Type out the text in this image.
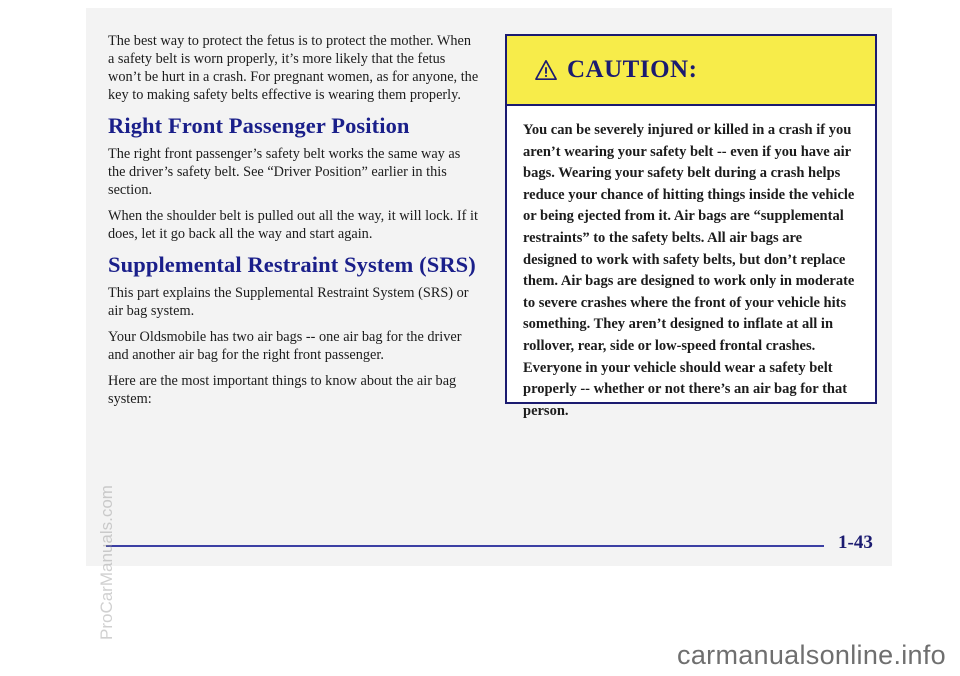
The best way to protect the fetus is to protect the mother. When a safety belt is worn properly, it’s more likely that the fetus won’t be hurt in a crash. For pregnant women, as for anyone, the key to making safety belts effective is wearing them properly.

Right Front Passenger Position

The right front passenger’s safety belt works the same way as the driver’s safety belt. See “Driver Position” earlier in this section.

When the shoulder belt is pulled out all the way, it will lock. If it does, let it go back all the way and start again.

Supplemental Restraint System (SRS)

This part explains the Supplemental Restraint System (SRS) or air bag system.

Your Oldsmobile has two air bags -- one air bag for the driver and another air bag for the right front passenger.

Here are the most important things to know about the air bag system:

CAUTION:
You can be severely injured or killed in a crash if you aren’t wearing your safety belt -- even if you have air bags. Wearing your safety belt during a crash helps reduce your chance of hitting things inside the vehicle or being ejected from it. Air bags are “supplemental restraints” to the safety belts. All air bags are designed to work with safety belts, but don’t replace them. Air bags are designed to work only in moderate to severe crashes where the front of your vehicle hits something. They aren’t designed to inflate at all in rollover, rear, side or low-speed frontal crashes. Everyone in your vehicle should wear a safety belt properly -- whether or not there’s an air bag for that person.
1-43
ProCarManuals.com
carmanualsonline.info
